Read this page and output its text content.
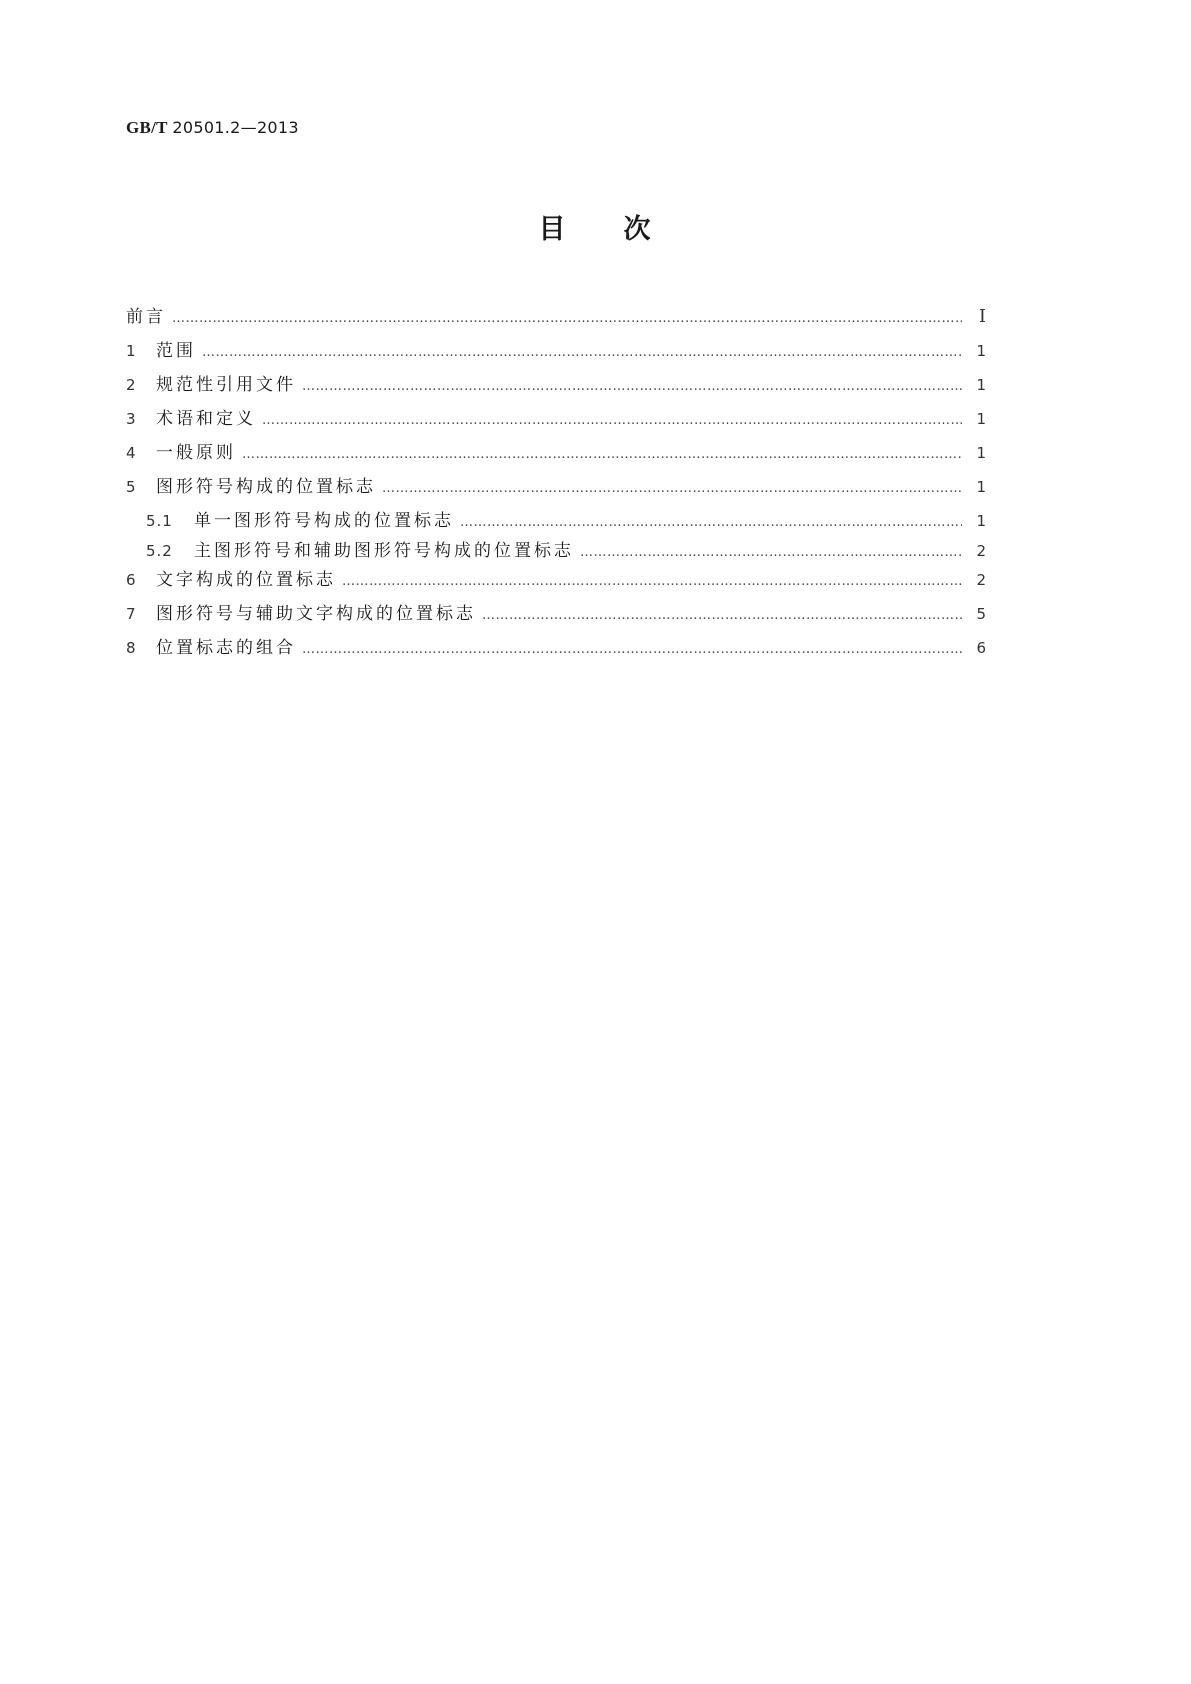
GB/T 20501.2—2013
目 次
前言 …………………………………………………………………………………………………………………………………………………………………………………………	Ⅰ
1	范围 …………………………………………………………………………………………………………………………………………………………………………………………	1
2	规范性引用文件 …………………………………………………………………………………………………………………………………………………………………………………………	1
3	术语和定义 …………………………………………………………………………………………………………………………………………………………………………………………	1
4	一般原则 …………………………………………………………………………………………………………………………………………………………………………………………	1
5	图形符号构成的位置标志 …………………………………………………………………………………………………………………………………………………………………………………………	1
5.1	单一图形符号构成的位置标志 …………………………………………………………………………………………………………………………………………………………………………………………	1
5.2	主图形符号和辅助图形符号构成的位置标志 …………………………………………………………………………………………………………………………………………………………………………………………	2
6	文字构成的位置标志 …………………………………………………………………………………………………………………………………………………………………………………………	2
7	图形符号与辅助文字构成的位置标志 …………………………………………………………………………………………………………………………………………………………………………………………	5
8	位置标志的组合 …………………………………………………………………………………………………………………………………………………………………………………………	6
